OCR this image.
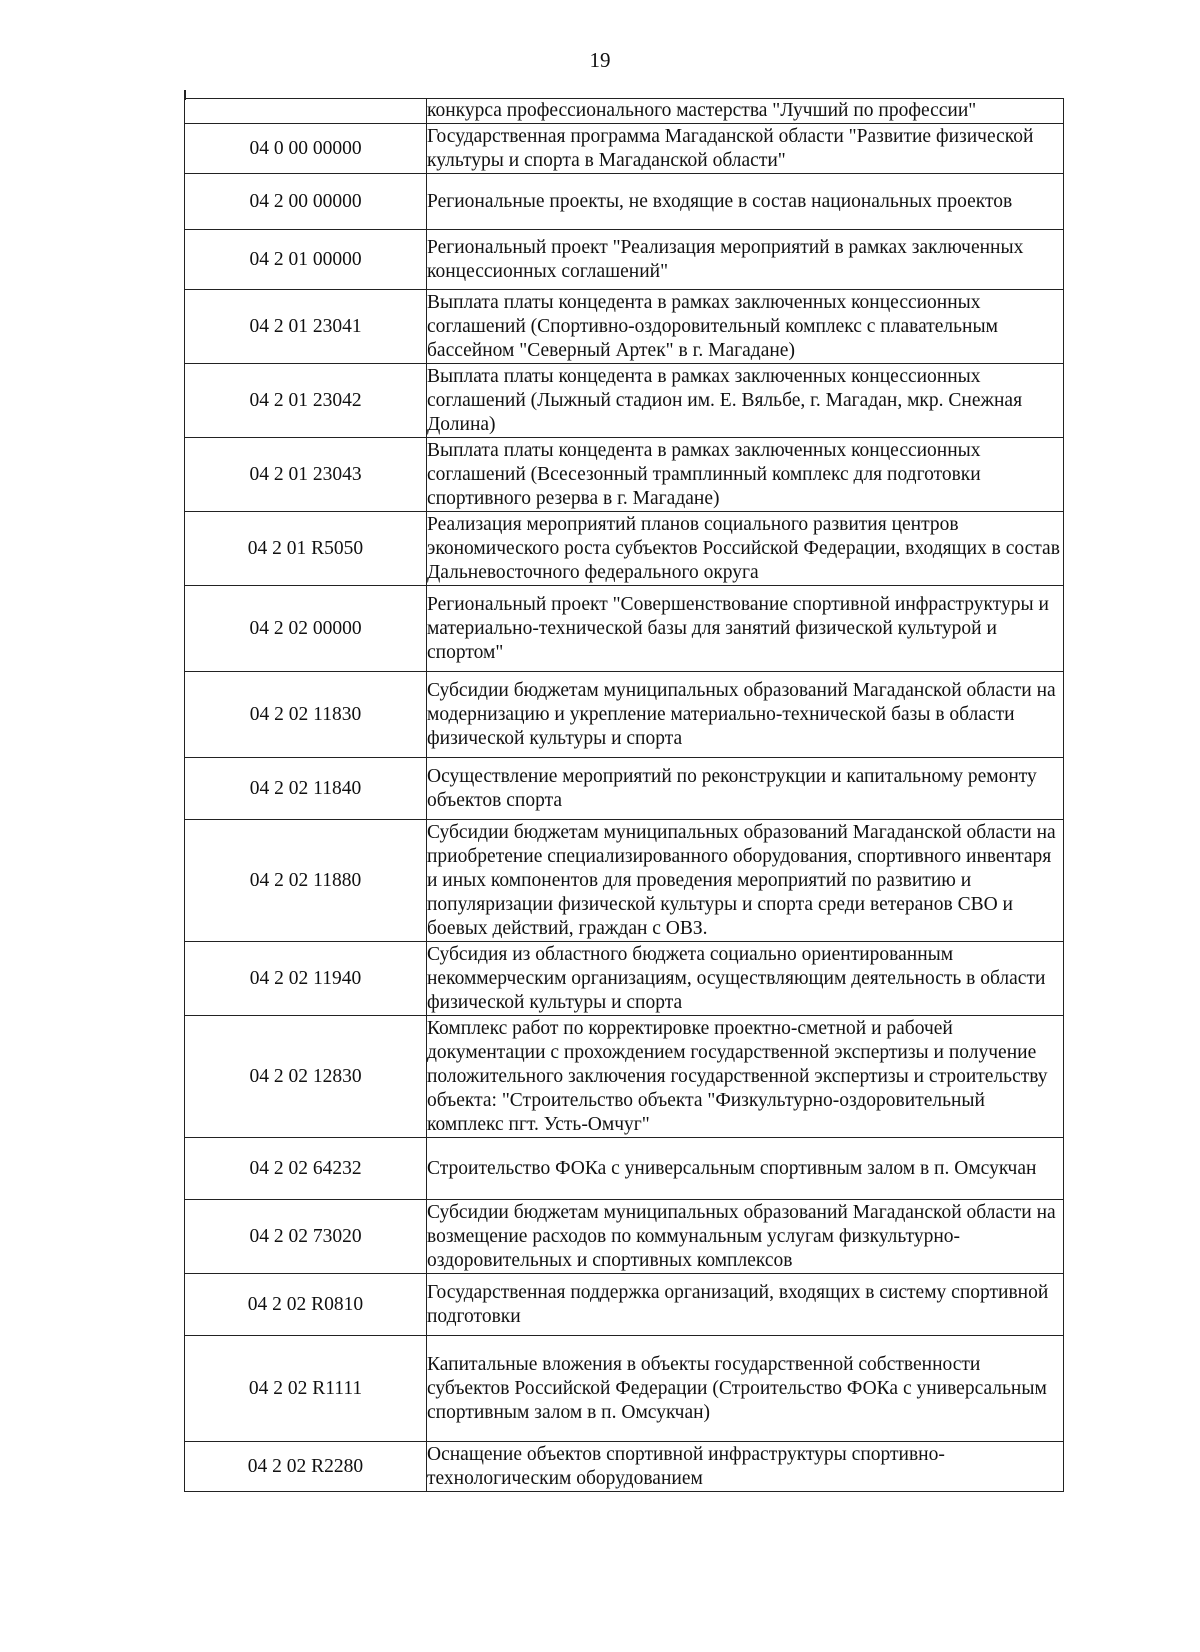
19
	конкурса профессионального мастерства "Лучший по профессии"
04 0 00 00000	Государственная программа Магаданской области "Развитие физической культуры и спорта в Магаданской области"
04 2 00 00000	Региональные проекты, не входящие в состав национальных проектов
04 2 01 00000	Региональный проект "Реализация мероприятий в рамках заключенных концессионных соглашений"
04 2 01 23041	Выплата платы концедента в рамках заключенных концессионных соглашений (Спортивно-оздоровительный комплекс с плавательным бассейном "Северный Артек" в г. Магадане)
04 2 01 23042	Выплата платы концедента в рамках заключенных концессионных соглашений (Лыжный стадион им. Е. Вяльбе, г. Магадан, мкр. Снежная Долина)
04 2 01 23043	Выплата платы концедента в рамках заключенных концессионных соглашений (Всесезонный трамплинный комплекс для подготовки спортивного резерва в г. Магадане)
04 2 01 R5050	Реализация мероприятий планов социального развития центров экономического роста субъектов Российской Федерации, входящих в состав Дальневосточного федерального округа
04 2 02 00000	Региональный проект "Совершенствование спортивной инфраструктуры и материально-технической базы для занятий физической культурой и спортом"
04 2 02 11830	Субсидии бюджетам муниципальных образований Магаданской области на модернизацию и укрепление материально-технической базы в области физической культуры и спорта
04 2 02 11840	Осуществление мероприятий по реконструкции и капитальному ремонту объектов спорта
04 2 02 11880	Субсидии бюджетам муниципальных образований Магаданской области на приобретение специализированного оборудования, спортивного инвентаря и иных компонентов для проведения мероприятий по развитию и популяризации физической культуры и спорта среди ветеранов СВО и боевых действий, граждан с ОВЗ.
04 2 02 11940	Субсидия из областного бюджета социально ориентированным некоммерческим организациям, осуществляющим деятельность в области физической культуры и спорта
04 2 02 12830	Комплекс работ по корректировке проектно-сметной и рабочей документации с прохождением государственной экспертизы и получение положительного заключения государственной экспертизы и строительству объекта: "Строительство объекта "Физкультурно-оздоровительный комплекс пгт. Усть-Омчуг"
04 2 02 64232	Строительство ФОКа с универсальным спортивным залом в п. Омсукчан
04 2 02 73020	Субсидии бюджетам муниципальных образований Магаданской области на возмещение расходов по коммунальным услугам физкультурно-оздоровительных и спортивных комплексов
04 2 02 R0810	Государственная поддержка организаций, входящих в систему спортивной подготовки
04 2 02 R1111	Капитальные вложения в объекты государственной собственности субъектов Российской Федерации (Строительство ФОКа с универсальным спортивным залом в п. Омсукчан)
04 2 02 R2280	Оснащение объектов спортивной инфраструктуры спортивно-технологическим оборудованием
